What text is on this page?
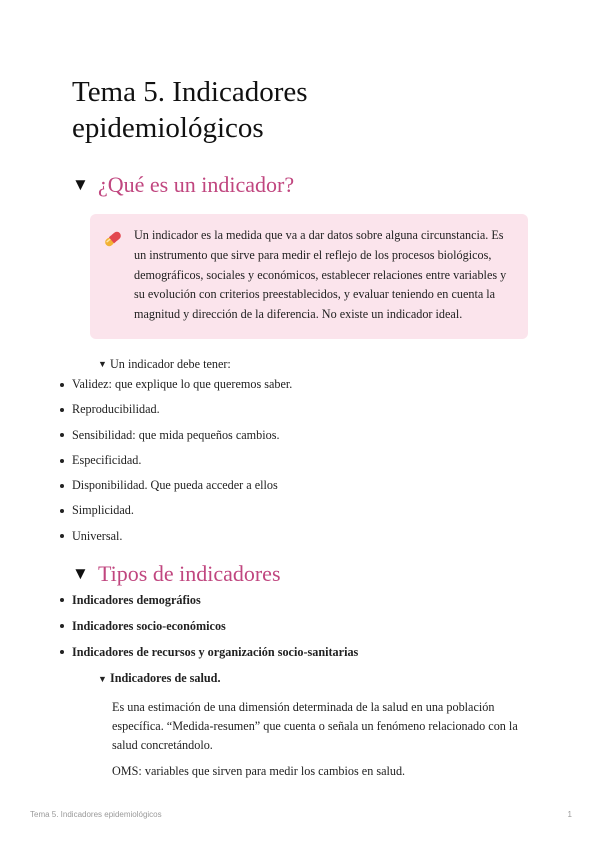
Tema 5. Indicadores
epidemiológicos
▼ ¿Qué es un indicador?
Un indicador es la medida que va a dar datos sobre alguna circunstancia. Es un instrumento que sirve para medir el reflejo de los procesos biológicos, demográficos, sociales y económicos, establecer relaciones entre variables y su evolución con criterios preestablecidos, y evaluar teniendo en cuenta la magnitud y dirección de la diferencia. No existe un indicador ideal.
▼ Un indicador debe tener:
Validez: que explique lo que queremos saber.
Reproducibilidad.
Sensibilidad: que mida pequeños cambios.
Especificidad.
Disponibilidad. Que pueda acceder a ellos
Simplicidad.
Universal.
▼ Tipos de indicadores
Indicadores demográfios
Indicadores socio-económicos
Indicadores de recursos y organización socio-sanitarias
▼ Indicadores de salud.
Es una estimación de una dimensión determinada de la salud en una población específica. “Medida-resumen” que cuenta o señala un fenómeno relacionado con la salud concretándolo.
OMS: variables que sirven para medir los cambios en salud.
Tema 5. Indicadores epidemiológicos	1
